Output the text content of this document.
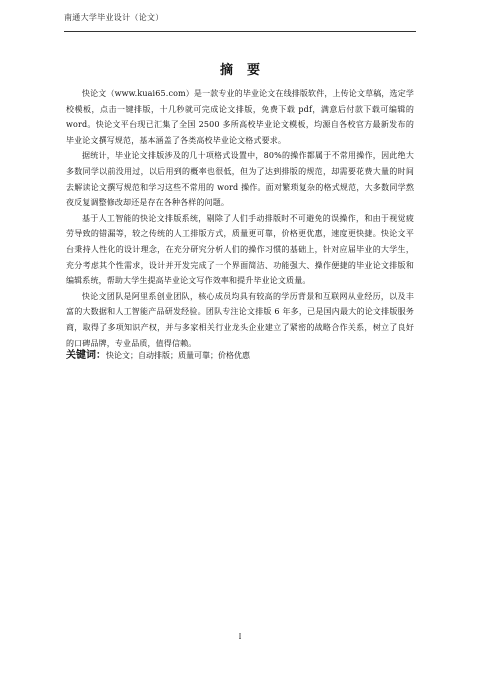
南通大学毕业设计（论文）
摘要

快论文（www.kuai65.com）是一款专业的毕业论文在线排版软件，上传论文草稿，选定学校模板，点击一键排版，十几秒就可完成论文排版，免费下载 pdf，满意后付款下载可编辑的 word。快论文平台现已汇集了全国 2500 多所高校毕业论文模板，均源自各校官方最新发布的毕业论文撰写规范，基本涵盖了各类高校毕业论文格式要求。

据统计，毕业论文排版涉及的几十项格式设置中，80%的操作都属于不常用操作，因此绝大多数同学以前没用过，以后用到的概率也很低，但为了达到排版的规范，却需要花费大量的时间去解读论文撰写规范和学习这些不常用的 word 操作。面对繁琐复杂的格式规范，大多数同学熬夜反复调整修改却还是存在各种各样的问题。

基于人工智能的快论文排版系统，剔除了人们手动排版时不可避免的误操作，和由于视觉疲劳导致的错漏等，较之传统的人工排版方式，质量更可靠，价格更优惠，速度更快捷。快论文平台秉持人性化的设计理念，在充分研究分析人们的操作习惯的基础上，针对应届毕业的大学生，充分考虑其个性需求，设计并开发完成了一个界面简洁、功能强大、操作便捷的毕业论文排版和编辑系统，帮助大学生提高毕业论文写作效率和提升毕业论文质量。

快论文团队是阿里系创业团队，核心成员均具有较高的学历背景和互联网从业经历，以及丰富的大数据和人工智能产品研发经验。团队专注论文排版 6 年多，已是国内最大的论文排版服务商，取得了多项知识产权，并与多家相关行业龙头企业建立了紧密的战略合作关系，树立了良好的口碑品牌，专业品质，值得信赖。

关键词：快论文；自动排版；质量可靠；价格优惠
I
